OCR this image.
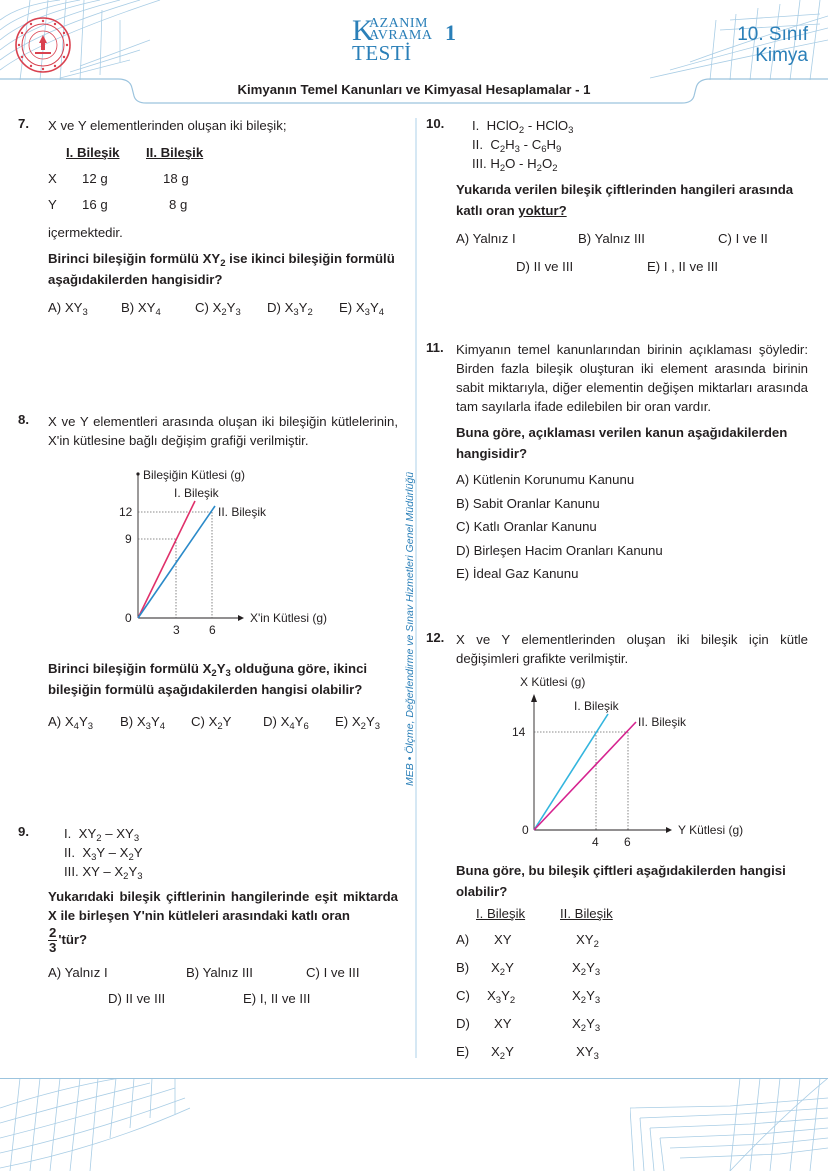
K
AZANIM
AVRAMA
TESTİ
1	10. Sınıf
Kimya
Kimyanın Temel Kanunları ve Kimyasal Hesaplamalar - 1
MEB • Ölçme, Değerlendirme ve Sınav Hizmetleri Genel Müdürlüğü
7. X ve Y elementlerinden oluşan iki bileşik;
I. Bileşik II. Bileşik
X 12 g	18 g
Y 16 g	8 g
içermektedir.
Birinci bileşiğin formülü $XY_2$ ise ikinci bileşiğin formülü aşağıdakilerden hangisidir?
A) $XY_3$	B) $XY_4$	C) $X_2Y_3$ D) $X_3Y_2$ E) $X_3Y_4$
8. X ve Y elementleri arasında oluşan iki bileşiğin kütlelerinin, X'in kütlesine bağlı değişim grafiği verilmiştir.
Bileşiğin Kütlesi (g)
I. Bileşik
II. Bileşik
12
9
0
3 6
X'in Kütlesi (g)
Birinci bileşiğin formülü $X_2Y_3$ olduğuna göre, ikinci bileşiğin formülü aşağıdakilerden hangisi olabilir?
A) $X_4Y_3$ B) $X_3Y_4$ C) $X_2Y$ D) $X_4Y_6$ E) $X_2Y_3$
9.	I.  $XY_2 - XY_3$
II.  $X_3Y - X_2Y$
III. XY – $X_2Y_3$
Yukarıdaki bileşik çiftlerinin hangilerinde eşit miktarda X ile birleşen Y'nin kütleleri arasındaki katlı oran
$\frac{2}{3}$ 'tür?
A) Yalnız I	B) Yalnız III	C) I ve III
D) II ve III	E) I, II ve III
10. I.  HClO$_2$ - HClO$_3$
II.  $C_2H_3 - C_6H_9$
III. $H_2O - H_2O_2$
Yukarıda verilen bileşik çiftlerinden hangileri arasında katlı oran yoktur?
A) Yalnız I	B) Yalnız III	C) I ve II
D) II ve III	E) I , II ve III
11. Kimyanın temel kanunlarından birinin açıklaması şöyledir: Birden fazla bileşik oluşturan iki element arasında birinin sabit miktarıyla, diğer elementin değişen miktarları arasında tam sayılarla ifade edilebilen bir oran vardır.
Buna göre, açıklaması verilen kanun aşağıdakilerden hangisidir?
A) Kütlenin Korunumu Kanunu
B) Sabit Oranlar Kanunu
C) Katlı Oranlar Kanunu
D) Birleşen Hacim Oranları Kanunu
E) İdeal Gaz Kanunu
12. X ve Y elementlerinden oluşan iki bileşik için kütle değişimleri grafikte verilmiştir.
X Kütlesi (g)
I. Bileşik
II. Bileşik
14
0
4 6
Y Kütlesi (g)
Buna göre, bu bileşik çiftleri aşağıdakilerden hangisi olabilir?
I. Bileşik	II. Bileşik
A) XY	$XY_2$
B) $X_2Y$	$X_2Y_3$
C) $X_3Y_2$	$X_2Y_3$
D) XY	$X_2Y_3$
E) $X_2Y$	$XY_3$
